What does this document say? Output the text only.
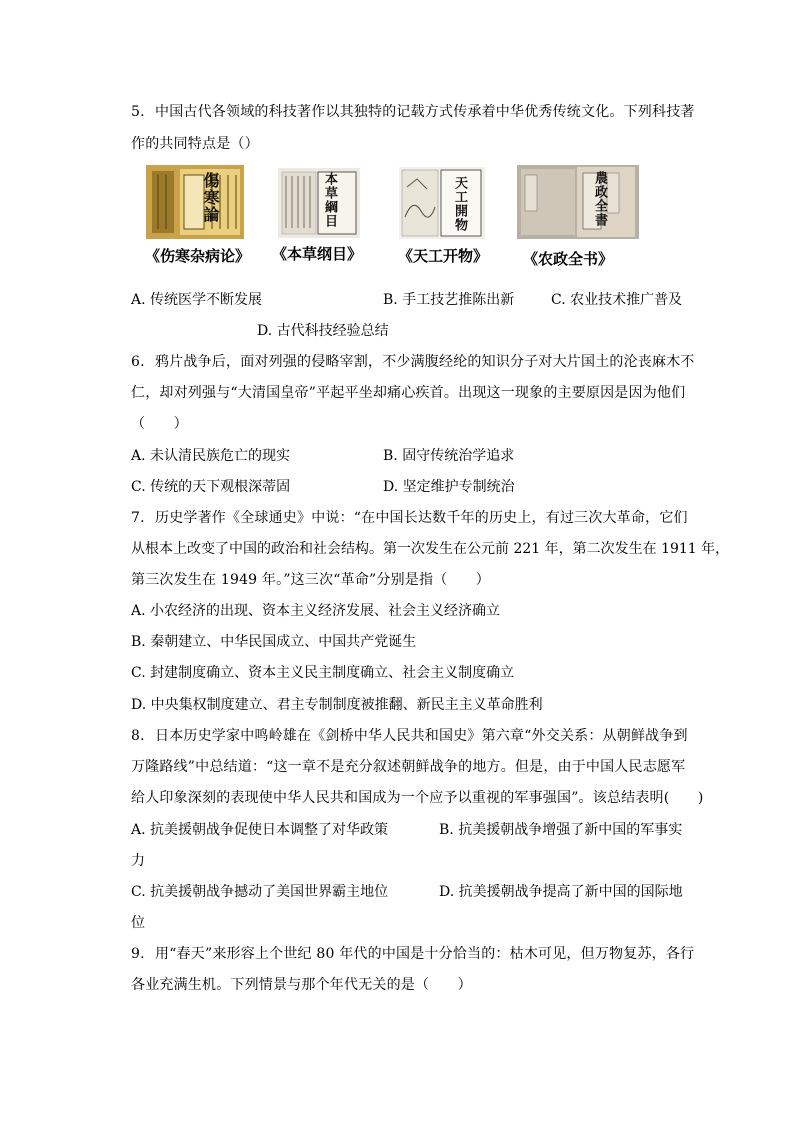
5. 中国古代各领域的科技著作以其独特的记载方式传承着中华优秀传统文化。下列科技著
作的共同特点是（）
傷寒論	本草綱目	天工開物	農政全書
《伤寒杂病论》 《本草纲目》 《天工开物》 《农政全书》
A. 传统医学不断发展	B. 手工技艺推陈出新	C. 农业技术推广普及
D. 古代科技经验总结
6. 鸦片战争后，面对列强的侵略宰割，不少满腹经纶的知识分子对大片国土的沦丧麻木不
仁，却对列强与“大清国皇帝”平起平坐却痛心疾首。出现这一现象的主要原因是因为他们
（　　）
A. 未认清民族危亡的现实	B. 固守传统治学追求
C. 传统的天下观根深蒂固	D. 坚定维护专制统治
7. 历史学著作《全球通史》中说：“在中国长达数千年的历史上，有过三次大革命，它们
从根本上改变了中国的政治和社会结构。第一次发生在公元前 221 年，第二次发生在 1911 年，
第三次发生在 1949 年。”这三次“革命”分别是指（　　）
A. 小农经济的出现、资本主义经济发展、社会主义经济确立
B. 秦朝建立、中华民国成立、中国共产党诞生
C. 封建制度确立、资本主义民主制度确立、社会主义制度确立
D. 中央集权制度建立、君主专制制度被推翻、新民主主义革命胜利
8. 日本历史学家中鸣岭雄在《剑桥中华人民共和国史》第六章“外交关系：从朝鲜战争到
万隆路线”中总结道：“这一章不是充分叙述朝鲜战争的地方。但是，由于中国人民志愿军
给人印象深刻的表现使中华人民共和国成为一个应予以重视的军事强国”。该总结表明(　　)
A. 抗美援朝战争促使日本调整了对华政策	B. 抗美援朝战争增强了新中国的军事实
力
C. 抗美援朝战争撼动了美国世界霸主地位	D. 抗美援朝战争提高了新中国的国际地
位
9. 用“春天”来形容上个世纪 80 年代的中国是十分恰当的：枯木可见，但万物复苏，各行
各业充满生机。下列情景与那个年代无关的是（　　）
